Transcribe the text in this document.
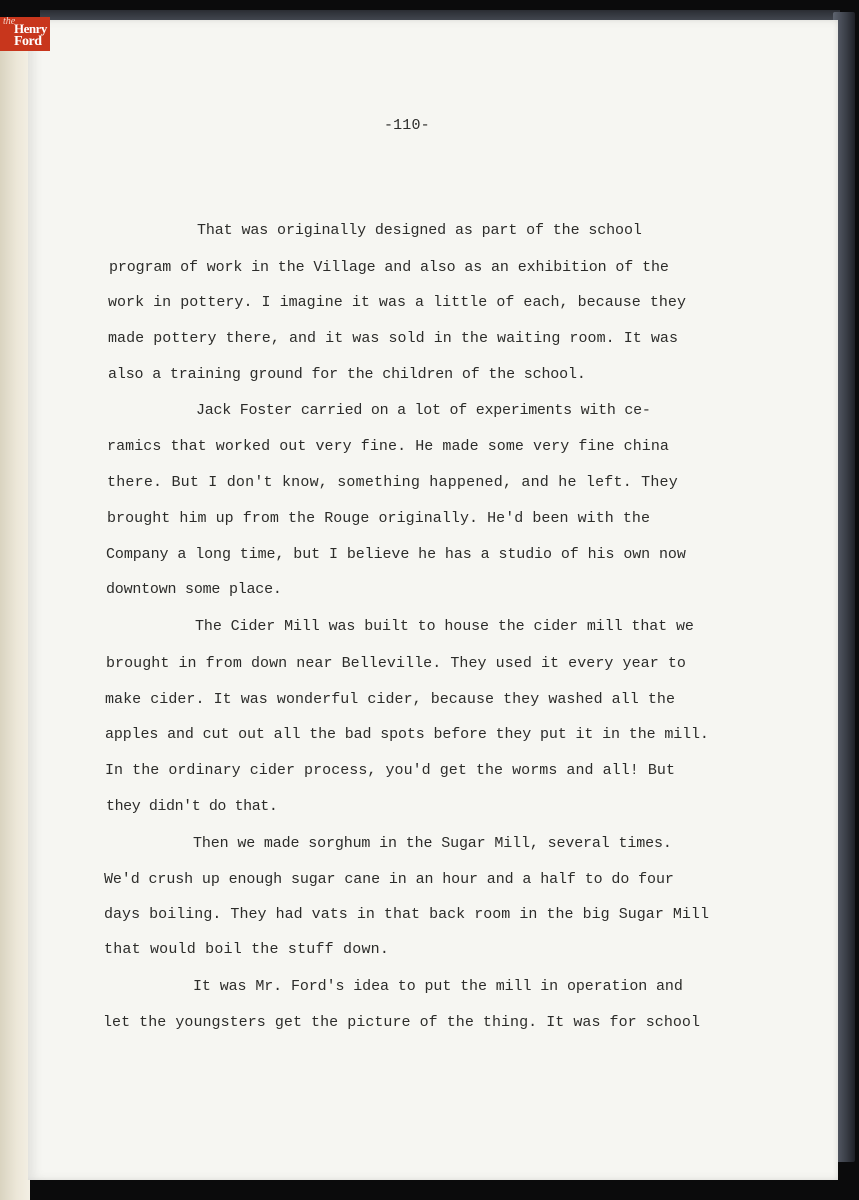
the
Henry
Ford
-110-
That was originally designed as part of the school
program of work in the Village and also as an exhibition of the
work in pottery. I imagine it was a little of each, because they
made pottery there, and it was sold in the waiting room. It was
also a training ground for the children of the school.
Jack Foster carried on a lot of experiments with ce-
ramics that worked out very fine. He made some very fine china
there. But I don't know, something happened, and he left. They
brought him up from the Rouge originally. He'd been with the
Company a long time, but I believe he has a studio of his own now
downtown some place.
The Cider Mill was built to house the cider mill that we
brought in from down near Belleville. They used it every year to
make cider. It was wonderful cider, because they washed all the
apples and cut out all the bad spots before they put it in the mill.
In the ordinary cider process, you'd get the worms and all! But
they didn't do that.
Then we made sorghum in the Sugar Mill, several times.
We'd crush up enough sugar cane in an hour and a half to do four
days boiling. They had vats in that back room in the big Sugar Mill
that would boil the stuff down.
It was Mr. Ford's idea to put the mill in operation and
let the youngsters get the picture of the thing. It was for school
